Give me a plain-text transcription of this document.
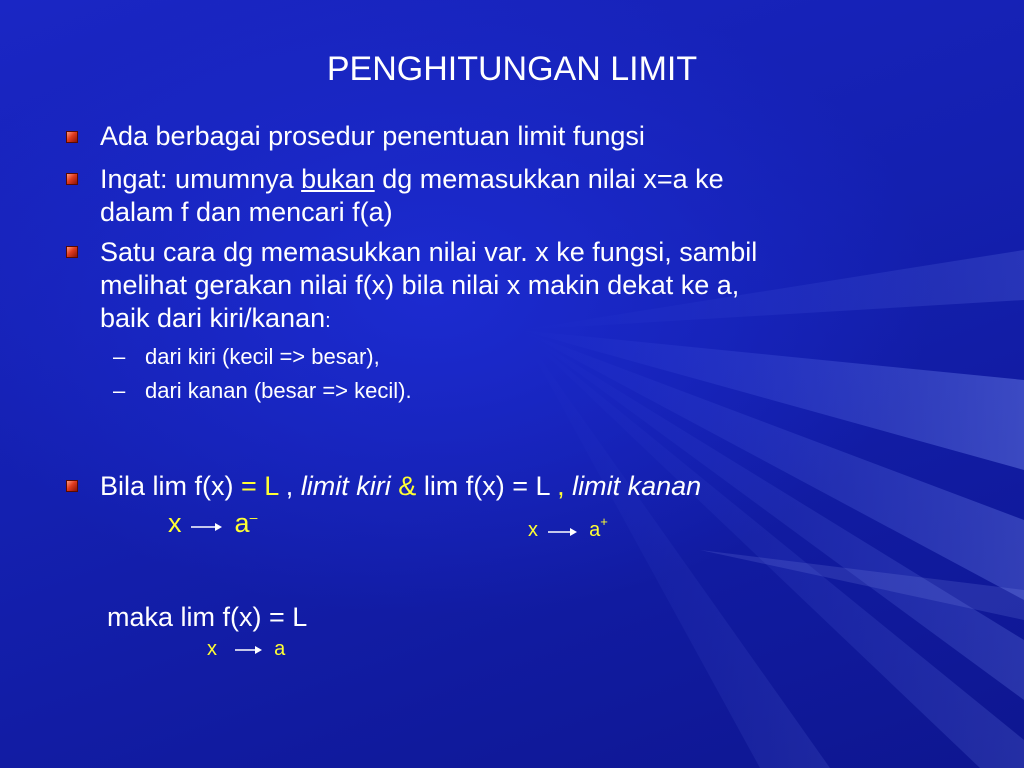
PENGHITUNGAN LIMIT
Ada berbagai prosedur penentuan limit fungsi
Ingat: umumnya bukan dg memasukkan nilai x=a ke
dalam f dan mencari f(a)
Satu cara dg memasukkan nilai var. x ke fungsi, sambil
melihat gerakan nilai f(x) bila nilai x makin dekat ke a,
baik dari kiri/kanan:
– dari kiri (kecil => besar),
– dari kanan (besar => kecil).
Bila lim f(x) = L , limit kiri & lim f(x) = L , limit kanan
x a–
x	a+
maka lim f(x) = L
x	a
